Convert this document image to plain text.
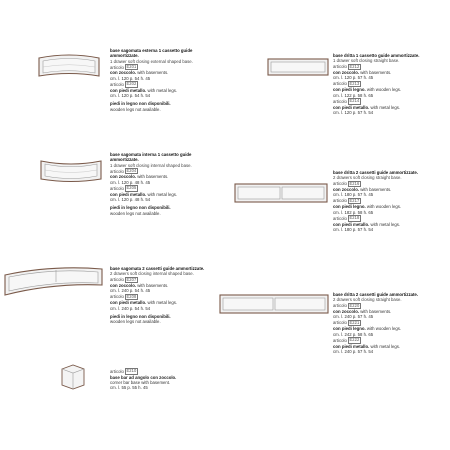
base sagomata esterna 1 cassetto guide ammortizzate.
1 drawer soft closing external shaped base.
articolo E201
con zoccolo. with basements.
cm. l. 120 p. 54 h. 45
articolo E202
con piedi metallo. with metal legs.
cm. l. 120 p. 54 h. 54
piedi in legno non disponibili.
wooden legs not available.
base sagomata interna 1 cassetto guide ammortizzate.
1 drawer soft closing internal shaped base.
articolo E204
con zoccolo. with basements.
cm. l. 120 p. 48 h. 45
articolo E205
con piedi metallo. with metal legs.
cm. l. 120 p. 48 h. 54
piedi in legno non disponibili.
wooden legs not available.
base sagomata 2 cassetti guide ammortizzate.
2 drawers soft closing internal shaped base.
articolo E207
con zoccolo. with basements.
cm. l. 240 p. 54 h. 45
articolo E208
con piedi metallo. with metal legs.
cm. l. 240 p. 54 h. 54
piedi in legno non disponibili.
wooden legs not available.
articolo E210
base bar ad angolo con zoccolo.
corner bar base with basement.
cm. l. 55 p. 55 h. 45
base dritta 1 cassetto guide ammortizzate.
1 drawer soft closing straight base.
articolo E212
con zoccolo. with basements.
cm. l. 120 p. 57 h. 45
articolo E213
con piedi legno. with wooden legs.
cm. l. 122 p. 58 h. 65
articolo E214
con piedi metallo. with metal legs.
cm. l. 120 p. 57 h. 54
base dritta 2 cassetti guide ammortizzate.
2 drawers soft closing straight base.
articolo E216
con zoccolo. with basements.
cm. l. 180 p. 57 h. 45
articolo E217
con piedi legno. with wooden legs.
cm. l. 182 p. 58 h. 65
articolo E218
con piedi metallo. with metal legs.
cm. l. 180 p. 57 h. 54
base dritta 2 cassetti guide ammortizzate.
2 drawers soft closing straight base.
articolo E220
con zoccolo. with basements.
cm. l. 240 p. 57 h. 45
articolo E221
con piedi legno. with wooden legs.
cm. l. 242 p. 58 h. 65
articolo E222
con piedi metallo. with metal legs.
cm. l. 240 p. 57 h. 54
